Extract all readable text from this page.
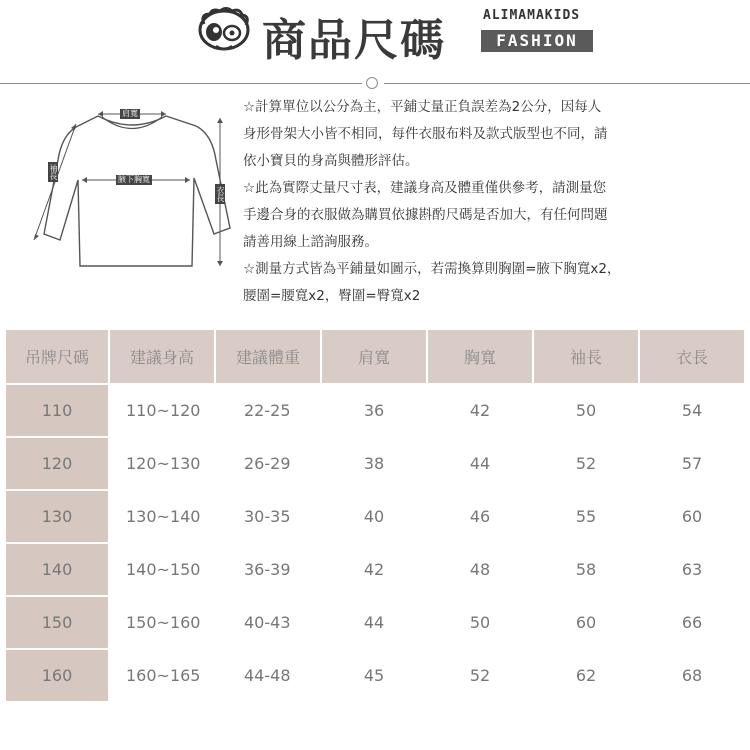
商品尺碼	ALIMAMAKIDS
FASHION
肩寬
腋下胸寬
袖長
衣長

☆計算單位以公分為主，平鋪丈量正負誤差為2公分，因每人

身形骨架大小皆不相同，每件衣服布料及款式版型也不同，請

依小寶貝的身高與體形評估。

☆此為實際丈量尺寸表，建議身高及體重僅供參考，請測量您

手邊合身的衣服做為購買依據斟酌尺碼是否加大，有任何問題

請善用線上諮詢服務。

☆測量方式皆為平鋪量如圖示，若需換算則胸圍=腋下胸寬x2，

腰圍=腰寬x2，臀圍=臀寬x2

吊牌尺碼	建議身高	建議體重	肩寬	胸寬	袖長	衣長
110	110~120	22-25	36	42	50	54
120	120~130	26-29	38	44	52	57
130	130~140	30-35	40	46	55	60
140	140~150	36-39	42	48	58	63
150	150~160	40-43	44	50	60	66
160	160~165	44-48	45	52	62	68
